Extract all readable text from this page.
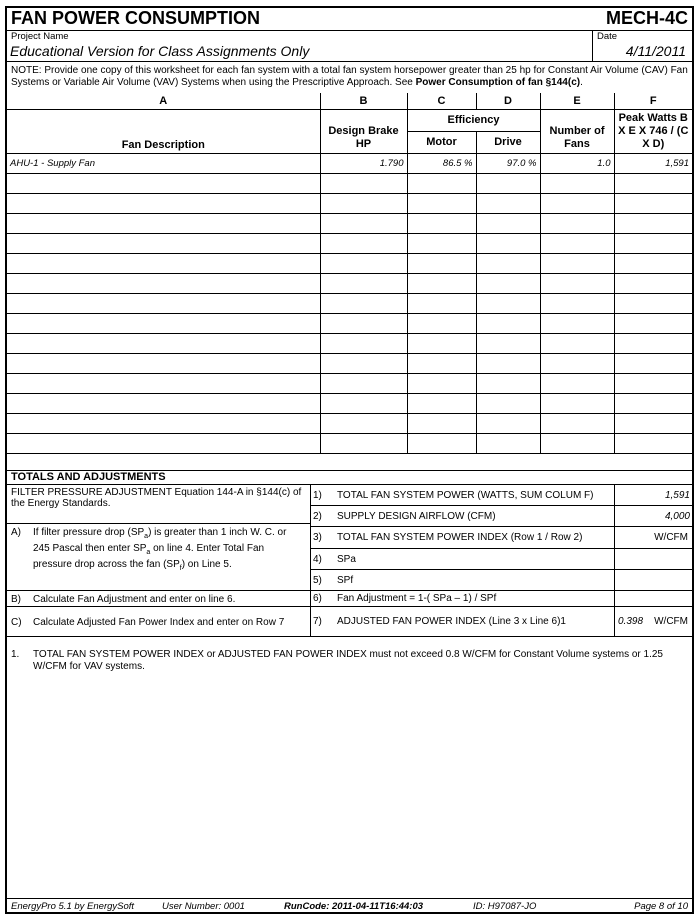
FAN POWER CONSUMPTION	MECH-4C
Project Name
Educational Version for Class Assignments Only
Date
4/11/2011
NOTE: Provide one copy of this worksheet for each fan system with a total fan system horsepower greater than 25 hp for Constant Air Volume (CAV) Fan Systems or Variable Air Volume (VAV) Systems when using the Prescriptive Approach. See Power Consumption of fan §144(c).
A	B	C	D	E	F
Fan Description	Design Brake HP	Efficiency		Number of Fans	Peak Watts B X E X 746 / (C X D)
		Motor	Drive		
AHU-1 - Supply Fan	1.790	86.5 %	97.0 %	1.0	1,591

TOTALS AND ADJUSTMENTS
FILTER PRESSURE ADJUSTMENT Equation 144-A in §144(c) of the Energy Standards.
A) If filter pressure drop $(SP_a)$ is greater than 1 inch W. C. or 245 Pascal then enter $SP_a$ on line 4. Enter Total Fan pressure drop across the fan $(SP_f)$ on Line 5.
B) Calculate Fan Adjustment and enter on line 6.
C) Calculate Adjusted Fan Power Index and enter on Row 7
1) TOTAL FAN SYSTEM POWER (WATTS, SUM COLUM F)	1,591
2) SUPPLY DESIGN AIRFLOW (CFM)	4,000
3) TOTAL FAN SYSTEM POWER INDEX (Row 1 / Row 2)	W/CFM
4) SPa
5) SPf
6) Fan Adjustment = 1-( SPa – 1) / SPf
7) ADJUSTED FAN POWER INDEX (Line 3 x Line 6)1	0.398 W/CFM
1. TOTAL FAN SYSTEM POWER INDEX or ADJUSTED FAN POWER INDEX must not exceed 0.8 W/CFM for Constant Volume systems or 1.25 W/CFM for VAV systems.
EnergyPro 5.1 by EnergySoft	User Number: 0001	RunCode: 2011-04-11T16:44:03	ID: H97087-JO	Page 8 of 10
